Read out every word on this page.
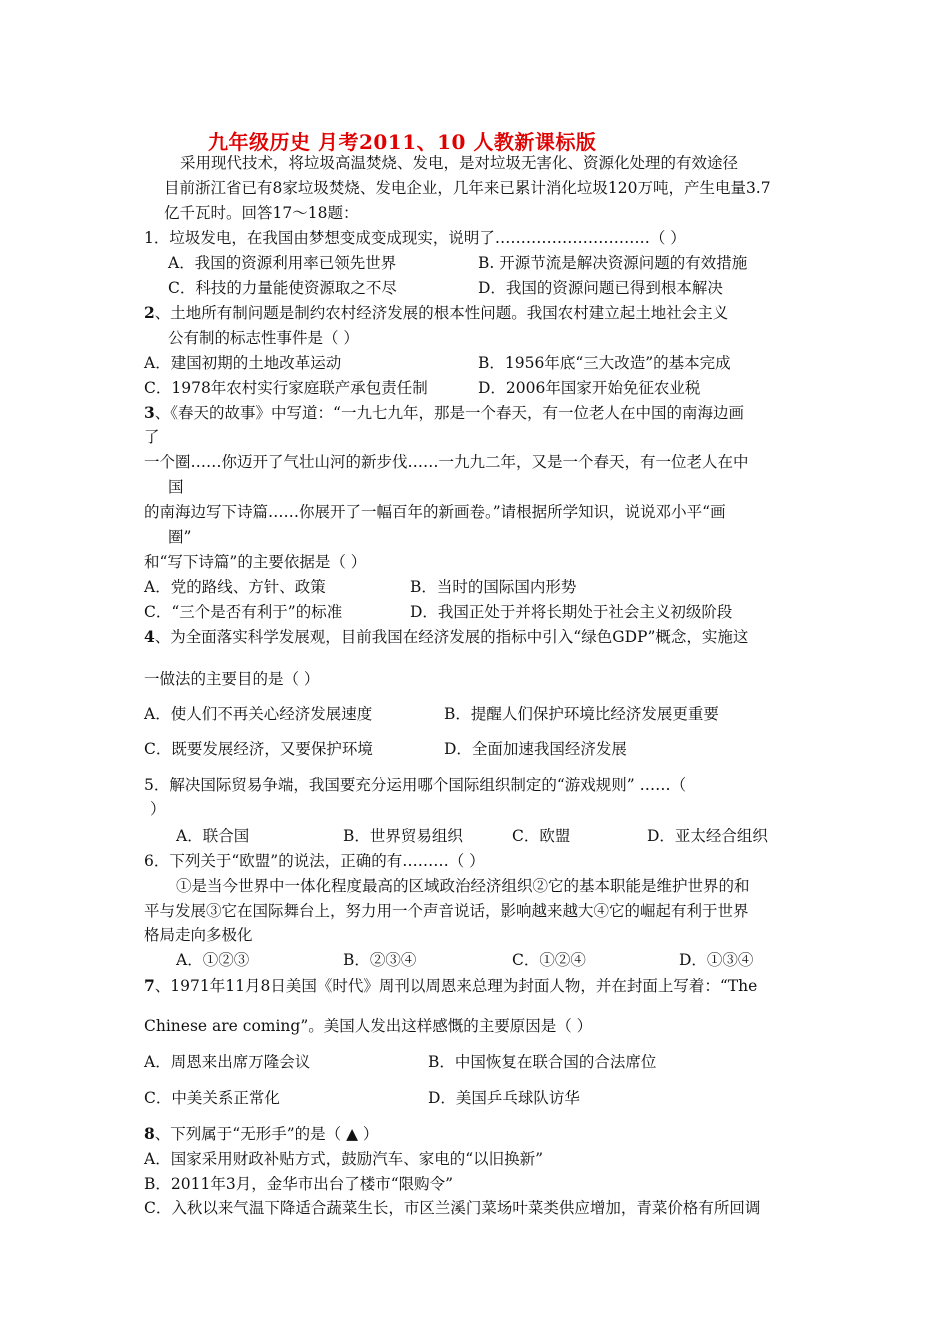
九年级历史 月考2011、10 人教新课标版
采用现代技术，将垃圾高温焚烧、发电，是对垃圾无害化、资源化处理的有效途径
目前浙江省已有8家垃圾焚烧、发电企业，几年来已累计消化垃圾120万吨，产生电量3.7
亿千瓦时。回答17～18题：
1．垃圾发电，在我国由梦想变成变成现实，说明了…………………………（ ）
A．我国的资源利用率已领先世界	B. 开源节流是解决资源问题的有效措施
C．科技的力量能使资源取之不尽	D．我国的资源问题已得到根本解决
2、土地所有制问题是制约农村经济发展的根本性问题。我国农村建立起土地社会主义
公有制的标志性事件是（ ）
A．建国初期的土地改革运动	B．1956年底“三大改造”的基本完成
C．1978年农村实行家庭联产承包责任制	D．2006年国家开始免征农业税
3、《春天的故事》中写道：“一九七九年，那是一个春天，有一位老人在中国的南海边画
了
一个圈……你迈开了气壮山河的新步伐……一九九二年，又是一个春天，有一位老人在中
国
的南海边写下诗篇……你展开了一幅百年的新画卷。”请根据所学知识，说说邓小平“画
圈”
和“写下诗篇”的主要依据是（ ）
A．党的路线、方针、政策	B．当时的国际国内形势
C．“三个是否有利于”的标准	D．我国正处于并将长期处于社会主义初级阶段
4、为全面落实科学发展观，目前我国在经济发展的指标中引入“绿色GDP”概念，实施这
一做法的主要目的是（ ）
A．使人们不再关心经济发展速度	B．提醒人们保护环境比经济发展更重要
C．既要发展经济，又要保护环境	D．全面加速我国经济发展
5．解决国际贸易争端，我国要充分运用哪个国际组织制定的“游戏规则” ……（
）
A．联合国	B．世界贸易组织	C．欧盟	D．亚太经合组织
6．下列关于“欧盟”的说法，正确的有………（ ）
①是当今世界中一体化程度最高的区域政治经济组织②它的基本职能是维护世界的和
平与发展③它在国际舞台上，努力用一个声音说话，影响越来越大④它的崛起有利于世界
格局走向多极化
A．①②③	B．②③④	C．①②④	D．①③④
7、1971年11月8日美国《时代》周刊以周恩来总理为封面人物，并在封面上写着：“The
Chinese are coming”。美国人发出这样感慨的主要原因是（ ）
A．周恩来出席万隆会议	B．中国恢复在联合国的合法席位
C．中美关系正常化	D．美国乒乓球队访华
8、下列属于“无形手”的是（ ▲ ）
A．国家采用财政补贴方式，鼓励汽车、家电的“以旧换新”
B．2011年3月，金华市出台了楼市“限购令”
C．入秋以来气温下降适合蔬菜生长，市区兰溪门菜场叶菜类供应增加，青菜价格有所回调
